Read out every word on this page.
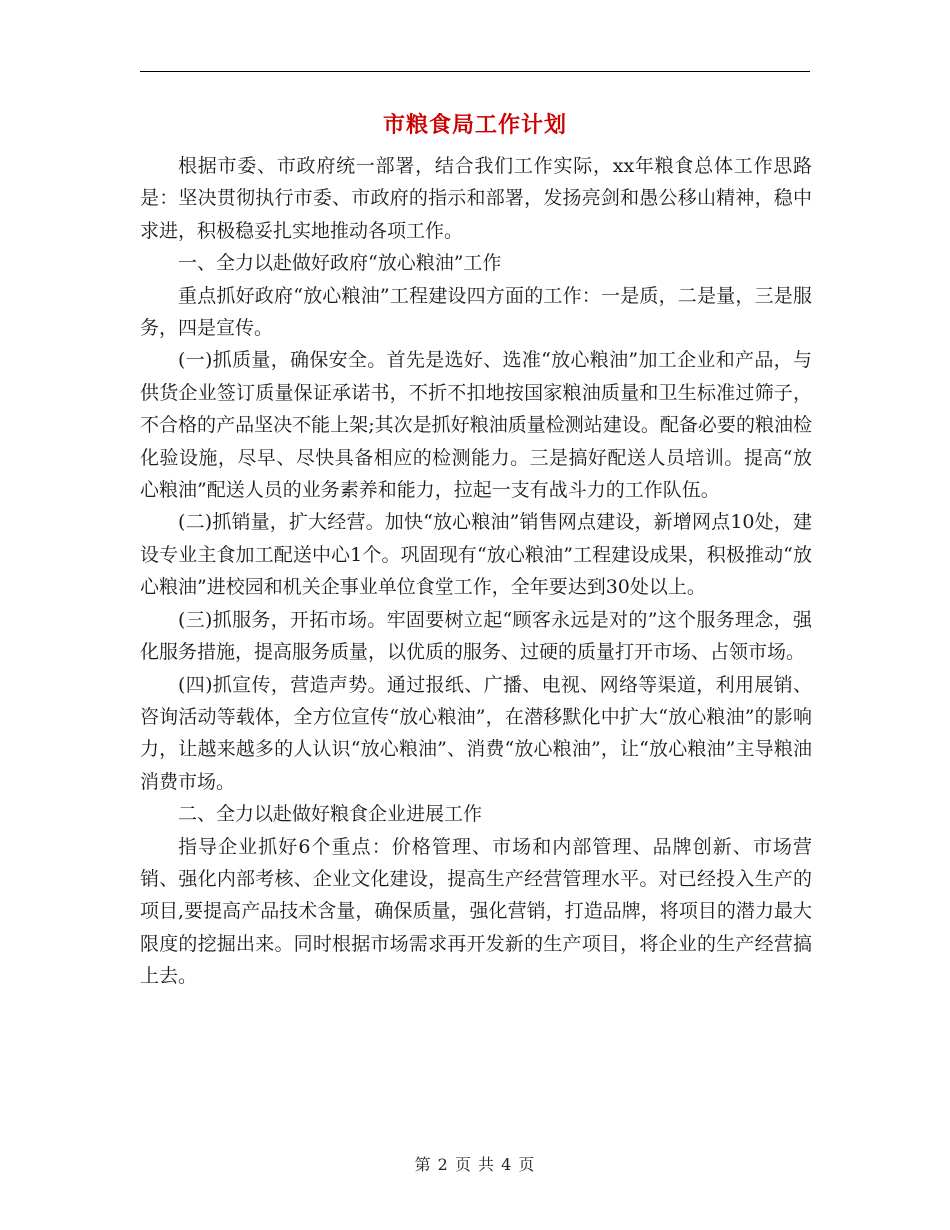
市粮食局工作计划

根据市委、市政府统一部署，结合我们工作实际，xx年粮食总体工作思路是：坚决贯彻执行市委、市政府的指示和部署，发扬亮剑和愚公移山精神，稳中求进，积极稳妥扎实地推动各项工作。

一、全力以赴做好政府“放心粮油”工作

重点抓好政府“放心粮油”工程建设四方面的工作：一是质，二是量，三是服务，四是宣传。

(一)抓质量，确保安全。首先是选好、选准“放心粮油”加工企业和产品，与供货企业签订质量保证承诺书，不折不扣地按国家粮油质量和卫生标准过筛子，不合格的产品坚决不能上架;其次是抓好粮油质量检测站建设。配备必要的粮油检化验设施，尽早、尽快具备相应的检测能力。三是搞好配送人员培训。提高“放心粮油”配送人员的业务素养和能力，拉起一支有战斗力的工作队伍。

(二)抓销量，扩大经营。加快“放心粮油”销售网点建设，新增网点10处，建设专业主食加工配送中心1个。巩固现有“放心粮油”工程建设成果，积极推动“放心粮油”进校园和机关企事业单位食堂工作，全年要达到30处以上。

(三)抓服务，开拓市场。牢固要树立起“顾客永远是对的”这个服务理念，强化服务措施，提高服务质量，以优质的服务、过硬的质量打开市场、占领市场。

(四)抓宣传，营造声势。通过报纸、广播、电视、网络等渠道，利用展销、咨询活动等载体，全方位宣传“放心粮油”，在潜移默化中扩大“放心粮油”的影响力，让越来越多的人认识“放心粮油”、消费“放心粮油”，让“放心粮油”主导粮油消费市场。

二、全力以赴做好粮食企业进展工作

指导企业抓好6个重点：价格管理、市场和内部管理、品牌创新、市场营销、强化内部考核、企业文化建设，提高生产经营管理水平。对已经投入生产的项目,要提高产品技术含量，确保质量，强化营销，打造品牌，将项目的潜力最大限度的挖掘出来。同时根据市场需求再开发新的生产项目，将企业的生产经营搞上去。

第 2 页 共 4 页
